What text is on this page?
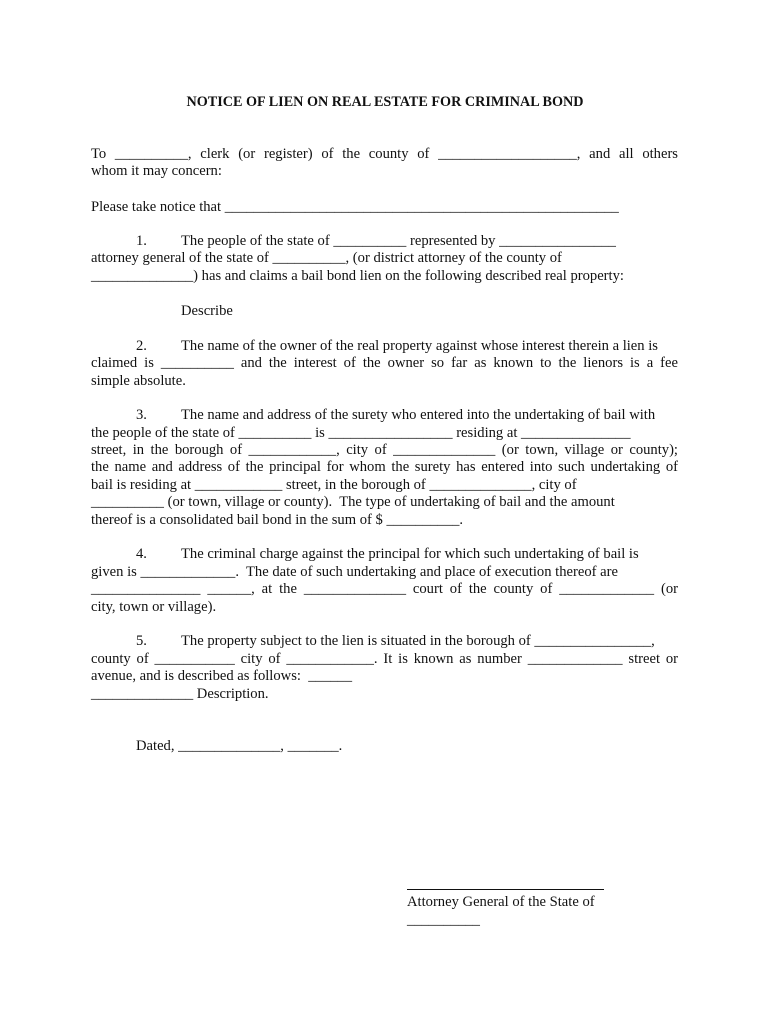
NOTICE OF LIEN ON REAL ESTATE FOR CRIMINAL BOND
To __________, clerk (or register) of the county of ___________________, and all others
whom it may concern:
Please take notice that ______________________________________________________
1. The people of the state of __________ represented by ________________
attorney general of the state of __________, (or district attorney of the county of
______________) has and claims a bail bond lien on the following described real property:
Describe
2. The name of the owner of the real property against whose interest therein a lien is
claimed is __________ and the interest of the owner so far as known to the lienors is a fee
simple absolute.
3. The name and address of the surety who entered into the undertaking of bail with
the people of the state of __________ is _________________ residing at _______________
street, in the borough of ____________, city of ______________ (or town, village or county);
the name and address of the principal for whom the surety has entered into such undertaking of
bail is residing at ____________ street, in the borough of ______________, city of
__________ (or town, village or county).  The type of undertaking of bail and the amount
thereof is a consolidated bail bond in the sum of $ __________.
4. The criminal charge against the principal for which such undertaking of bail is
given is _____________.  The date of such undertaking and place of execution thereof are
_______________ ______, at the ______________ court of the county of _____________ (or
city, town or village).
5. The property subject to the lien is situated in the borough of ________________,
county of ___________ city of ____________. It is known as number _____________ street or
avenue, and is described as follows:  ______
______________ Description.
Dated, ______________, _______.
Attorney General of the State of
__________
